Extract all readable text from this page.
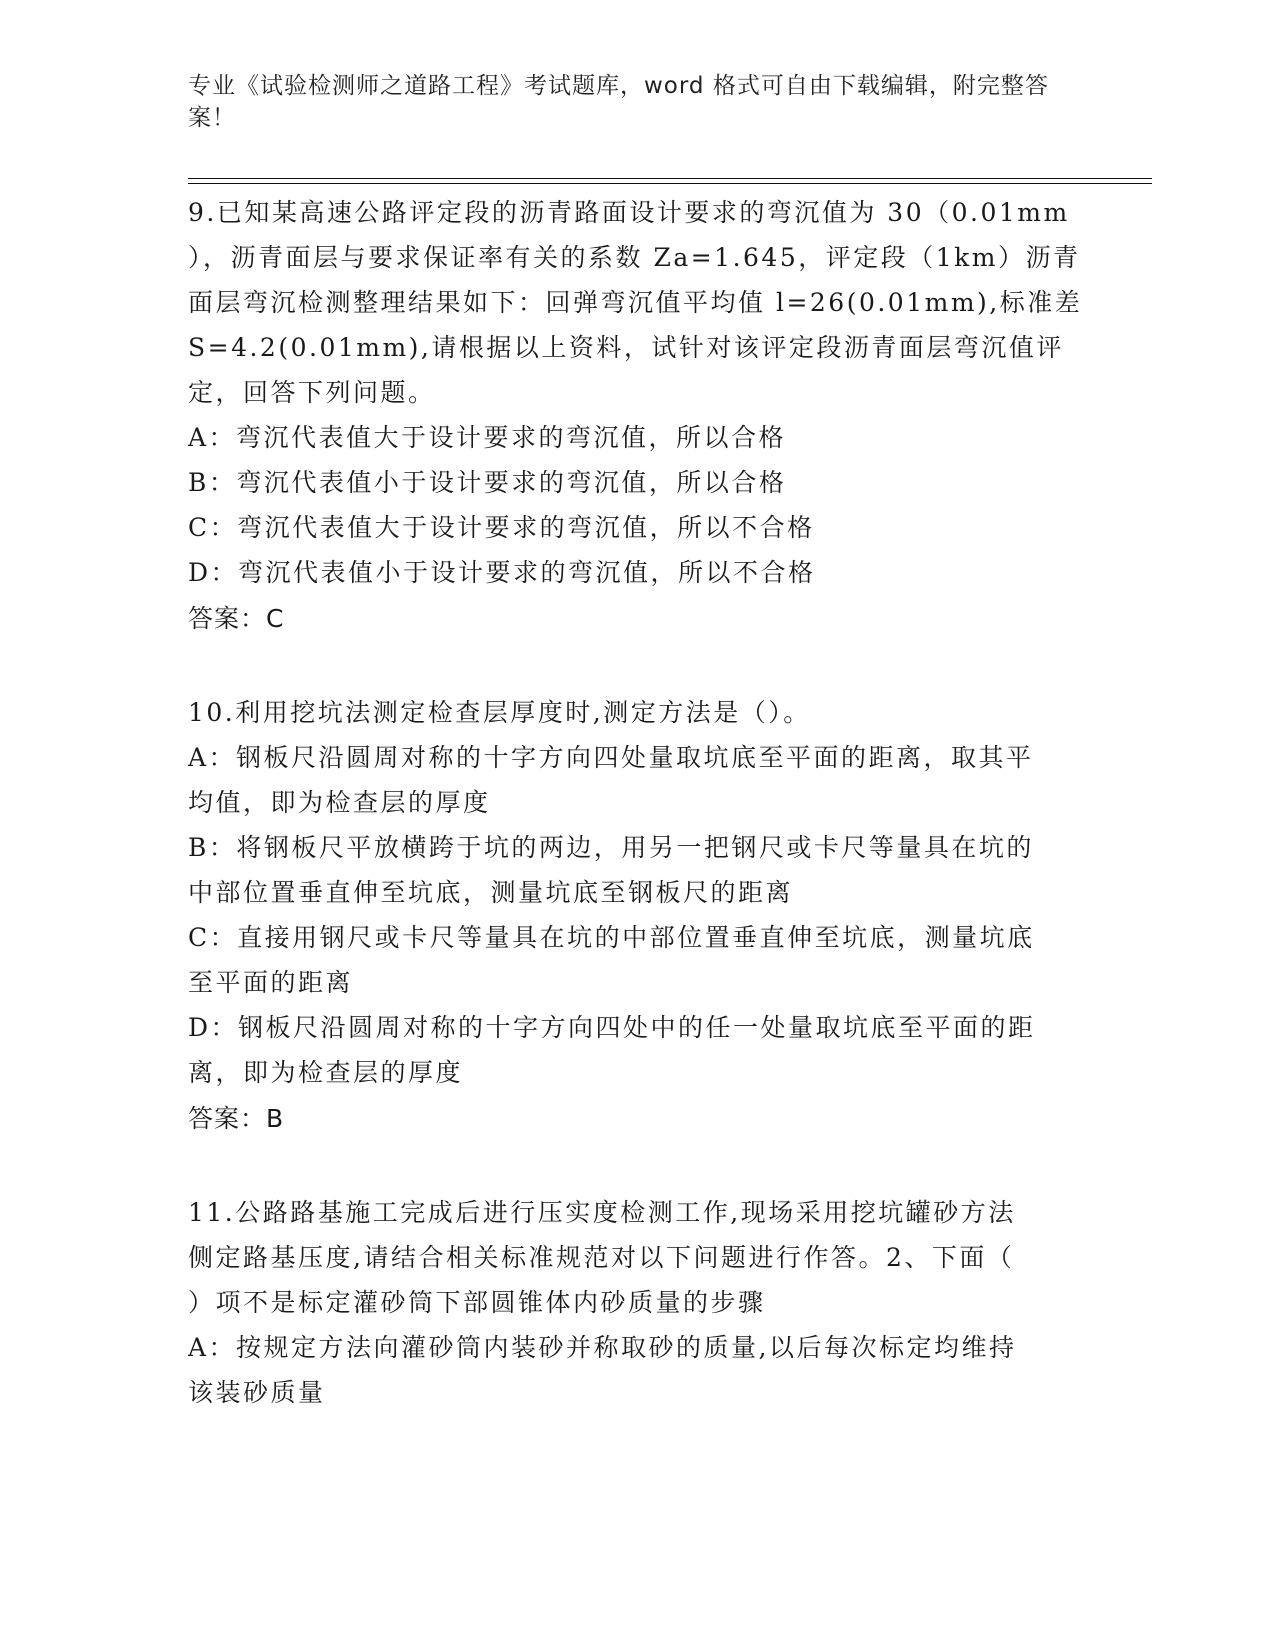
专业《试验检测师之道路工程》考试题库，word 格式可自由下载编辑，附完整答
案！

9.已知某高速公路评定段的沥青路面设计要求的弯沉值为 30（0.01mm

），沥青面层与要求保证率有关的系数 Za=1.645，评定段（1km）沥青

面层弯沉检测整理结果如下：回弹弯沉值平均值 l=26(0.01mm),标准差

S=4.2(0.01mm),请根据以上资料，试针对该评定段沥青面层弯沉值评

定，回答下列问题。

A：弯沉代表值大于设计要求的弯沉值，所以合格

B：弯沉代表值小于设计要求的弯沉值，所以合格

C：弯沉代表值大于设计要求的弯沉值，所以不合格

D：弯沉代表值小于设计要求的弯沉值，所以不合格

答案：C

10.利用挖坑法测定检查层厚度时,测定方法是（）。

A：钢板尺沿圆周对称的十字方向四处量取坑底至平面的距离，取其平

均值，即为检查层的厚度

B：将钢板尺平放横跨于坑的两边，用另一把钢尺或卡尺等量具在坑的

中部位置垂直伸至坑底，测量坑底至钢板尺的距离

C：直接用钢尺或卡尺等量具在坑的中部位置垂直伸至坑底，测量坑底

至平面的距离

D：钢板尺沿圆周对称的十字方向四处中的任一处量取坑底至平面的距

离，即为检查层的厚度

答案：B

11.公路路基施工完成后进行压实度检测工作,现场采用挖坑罐砂方法

侧定路基压度,请结合相关标准规范对以下问题进行作答。2、下面（

）项不是标定灌砂筒下部圆锥体内砂质量的步骤

A：按规定方法向灌砂筒内装砂并称取砂的质量,以后每次标定均维持

该装砂质量
